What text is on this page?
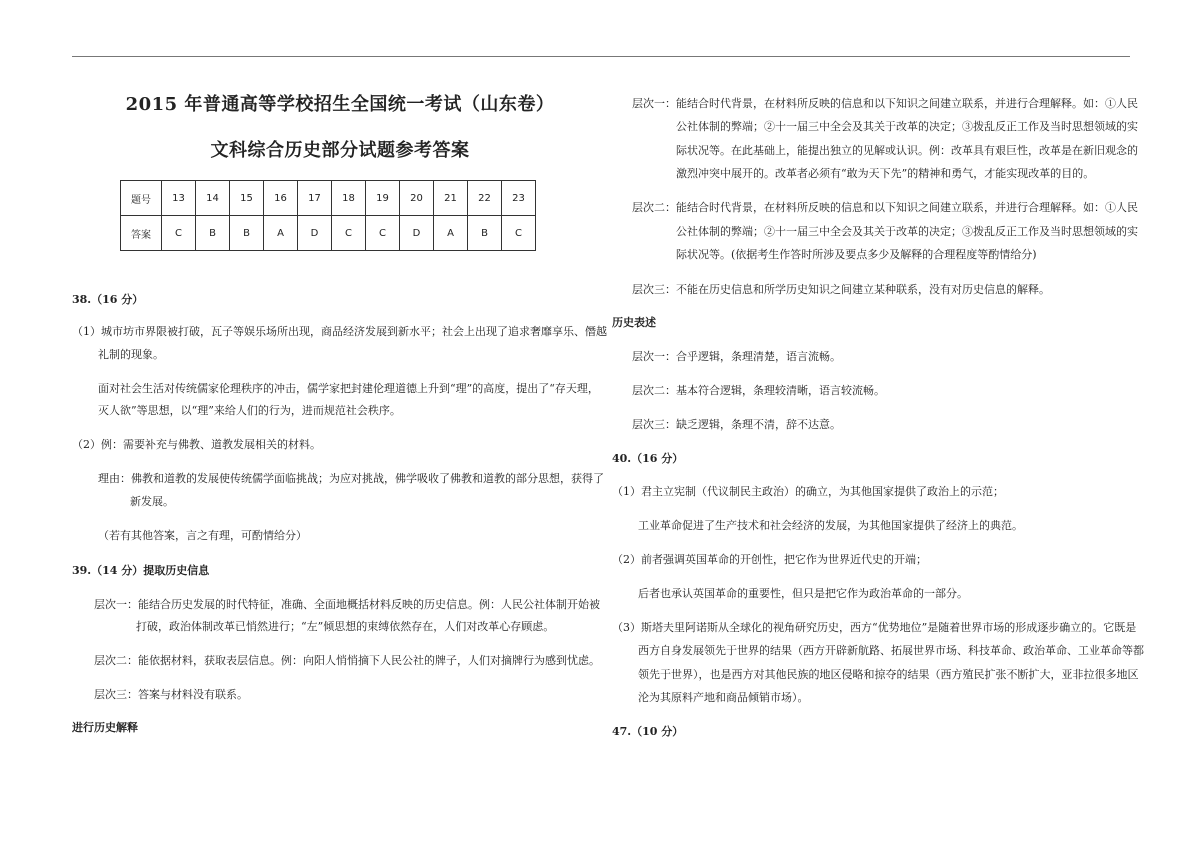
2015 年普通高等学校招生全国统一考试（山东卷）
文科综合历史部分试题参考答案
题号	13	14	15	16	17	18	19	20	21	22	23
答案	C	B	B	A	D	C	C	D	A	B	C
38.（16 分）
（1）城市坊市界限被打破，瓦子等娱乐场所出现，商品经济发展到新水平；社会上出现了追求奢靡享乐、僭越
礼制的现象。
面对社会生活对传统儒家伦理秩序的冲击，儒学家把封建伦理道德上升到“理”的高度，提出了“存天理，
灭人欲”等思想，以“理”来给人们的行为，进而规范社会秩序。
（2）例：需要补充与佛教、道教发展相关的材料。
理由：佛教和道教的发展使传统儒学面临挑战；为应对挑战，佛学吸收了佛教和道教的部分思想，获得了
新发展。
（若有其他答案，言之有理，可酌情给分）
39.（14 分）提取历史信息
层次一：能结合历史发展的时代特征，准确、全面地概括材料反映的历史信息。例：人民公社体制开始被
打破，政治体制改革已悄然进行；“左”倾思想的束缚依然存在，人们对改革心存顾虑。
层次二：能依据材料，获取表层信息。例：向阳人悄悄摘下人民公社的牌子，人们对摘牌行为感到忧虑。
层次三：答案与材料没有联系。
进行历史解释
层次一：能结合时代背景，在材料所反映的信息和以下知识之间建立联系，并进行合理解释。如：①人民
公社体制的弊端；②十一届三中全会及其关于改革的决定；③拨乱反正工作及当时思想领域的实
际状况等。在此基础上，能提出独立的见解或认识。例：改革具有艰巨性，改革是在新旧观念的
激烈冲突中展开的。改革者必须有“敢为天下先”的精神和勇气，才能实现改革的目的。
层次二：能结合时代背景，在材料所反映的信息和以下知识之间建立联系，并进行合理解释。如：①人民
公社体制的弊端；②十一届三中全会及其关于改革的决定；③拨乱反正工作及当时思想领域的实
际状况等。(依据考生作答时所涉及要点多少及解释的合理程度等酌情给分)
层次三：不能在历史信息和所学历史知识之间建立某种联系，没有对历史信息的解释。
历史表述
层次一：合乎逻辑，条理清楚，语言流畅。
层次二：基本符合逻辑，条理较清晰，语言较流畅。
层次三：缺乏逻辑，条理不清，辞不达意。
40.（16 分）
（1）君主立宪制（代议制民主政治）的确立，为其他国家提供了政治上的示范；
工业革命促进了生产技术和社会经济的发展，为其他国家提供了经济上的典范。
（2）前者强调英国革命的开创性，把它作为世界近代史的开端；
后者也承认英国革命的重要性，但只是把它作为政治革命的一部分。
（3）斯塔夫里阿诺斯从全球化的视角研究历史，西方“优势地位”是随着世界市场的形成逐步确立的。它既是
西方自身发展领先于世界的结果（西方开辟新航路、拓展世界市场、科技革命、政治革命、工业革命等都
领先于世界），也是西方对其他民族的地区侵略和掠夺的结果（西方殖民扩张不断扩大，亚非拉很多地区
沦为其原料产地和商品倾销市场）。
47.（10 分）
